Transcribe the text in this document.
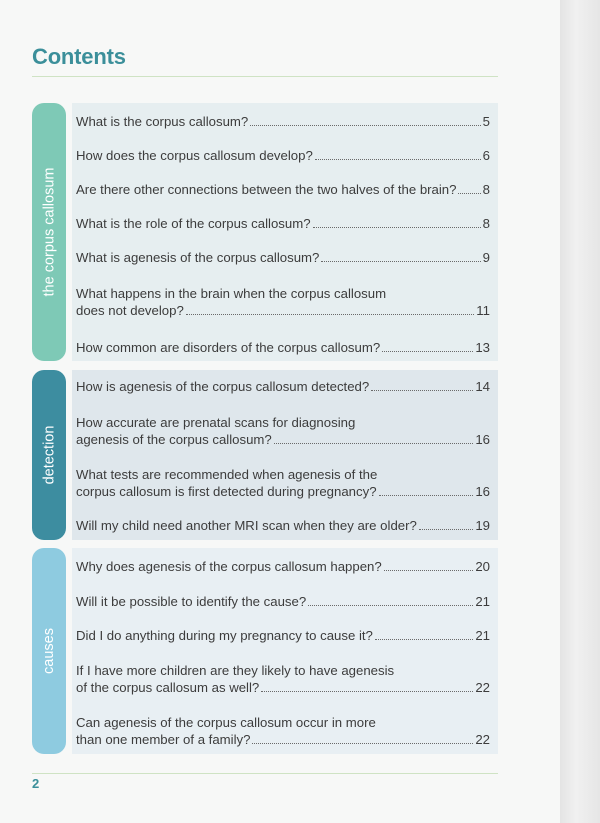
Contents
the corpus callosum
What is the corpus callosum?	5
How does the corpus callosum develop?	6
Are there other connections between the two halves of the brain? 8
What is the role of the corpus callosum?	8
What is agenesis of the corpus callosum?	9
What happens in the brain when the corpus callosum
does not develop?	11
How common are disorders of the corpus callosum?	13
detection
How is agenesis of the corpus callosum detected?	14
How accurate are prenatal scans for diagnosing
agenesis of the corpus callosum?	16
What tests are recommended when agenesis of the
corpus callosum is first detected during pregnancy?	16
Will my child need another MRI scan when they are older?	19
causes
Why does agenesis of the corpus callosum happen?	20
Will it be possible to identify the cause?	21
Did I do anything during my pregnancy to cause it?	21
If I have more children are they likely to have agenesis
of the corpus callosum as well?	22
Can agenesis of the corpus callosum occur in more
than one member of a family?	22
2
